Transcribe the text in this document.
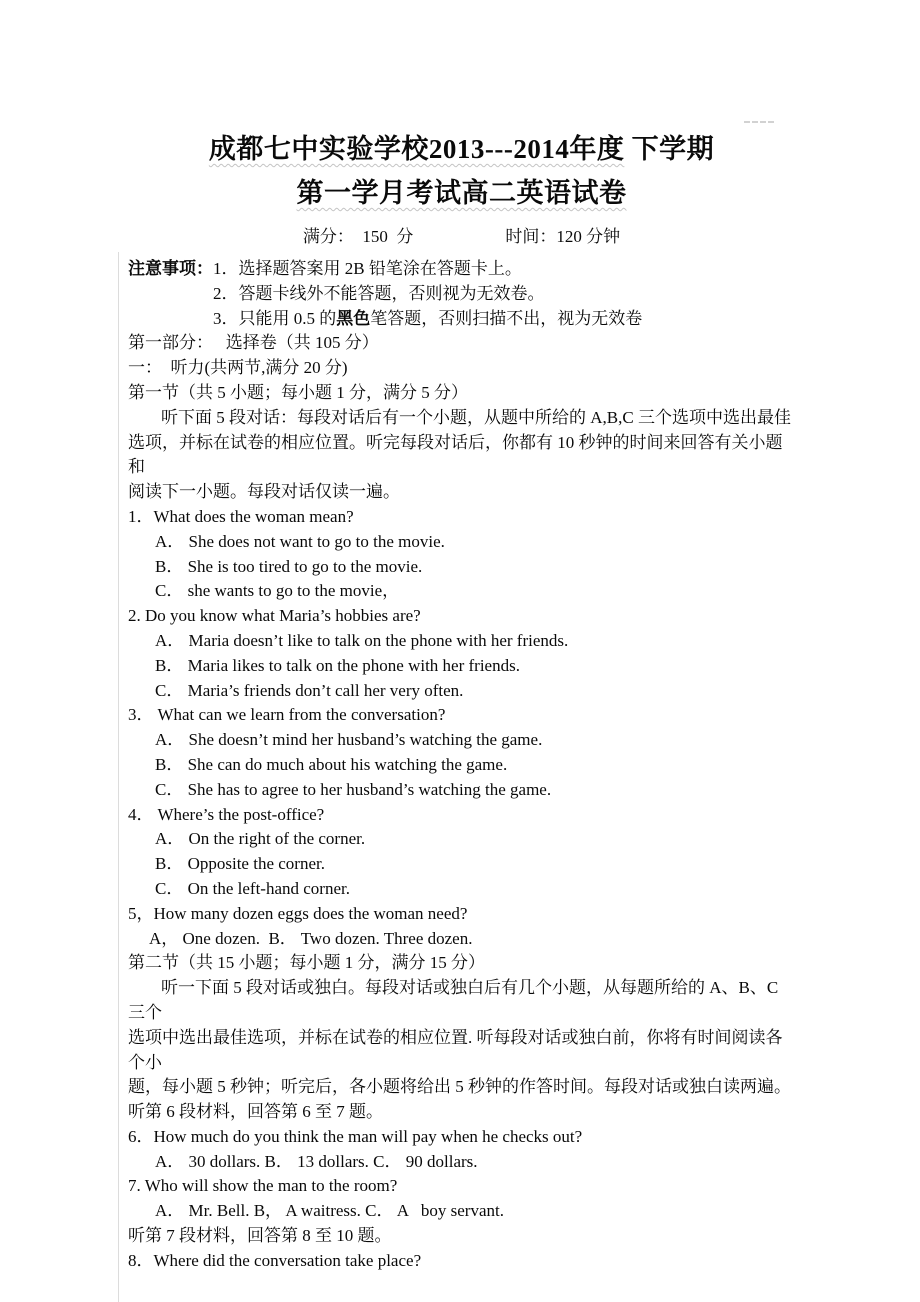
成都七中实验学校2013---2014年度 下学期
第一学月考试高二英语试卷
满分：  150  分	时间：120 分钟
注意事项：1．选择题答案用 2B 铅笔涂在答题卡上。
2．答题卡线外不能答题，否则视为无效卷。
3．只能用 0.5 的黑色笔答题，否则扫描不出，视为无效卷
第一部分：   选择卷（共 105 分）
一：  听力(共两节,满分 20 分)
第一节（共 5 小题；每小题 1 分，满分 5 分）
听下面 5 段对话：每段对话后有一个小题，从题中所给的 A,B,C 三个选项中选出最佳
选项，并标在试卷的相应位置。听完每段对话后，你都有 10 秒钟的时间来回答有关小题和
阅读下一小题。每段对话仅读一遍。
1．What does the woman mean?
A． She does not want to go to the movie.
B． She is too tired to go to the movie.
C． she wants to go to the movie，
2. Do you know what Maria’s hobbies are?
A． Maria doesn’t like to talk on the phone with her friends.
B． Maria likes to talk on the phone with her friends.
C． Maria’s friends don’t call her very often.
3． What can we learn from the conversation?
A． She doesn’t mind her husband’s watching the game.
B． She can do much about his watching the game.
C． She has to agree to her husband’s watching the game.
4． Where’s the post-office?
A． On the right of the corner.
B． Opposite the corner.
C． On the left-hand corner.
5，How many dozen eggs does the woman need?
A， One dozen.  B． Two dozen. Three dozen.
第二节（共 15 小题；每小题 1 分，满分 15 分）
听一下面 5 段对话或独白。每段对话或独白后有几个小题，从每题所给的 A、B、C 三个
选项中选出最佳选项，并标在试卷的相应位置. 听每段对话或独白前，你将有时间阅读各个小
题，每小题 5 秒钟；听完后，各小题将给出 5 秒钟的作答时间。每段对话或独白读两遍。
听第 6 段材料，回答第 6 至 7 题。
6．How much do you think the man will pay when he checks out?
A． 30 dollars. B． 13 dollars. C． 90 dollars.
7. Who will show the man to the room?
A． Mr. Bell. B， A waitress. C． A   boy servant.
听第 7 段材料，回答第 8 至 10 题。
8．Where did the conversation take place?
